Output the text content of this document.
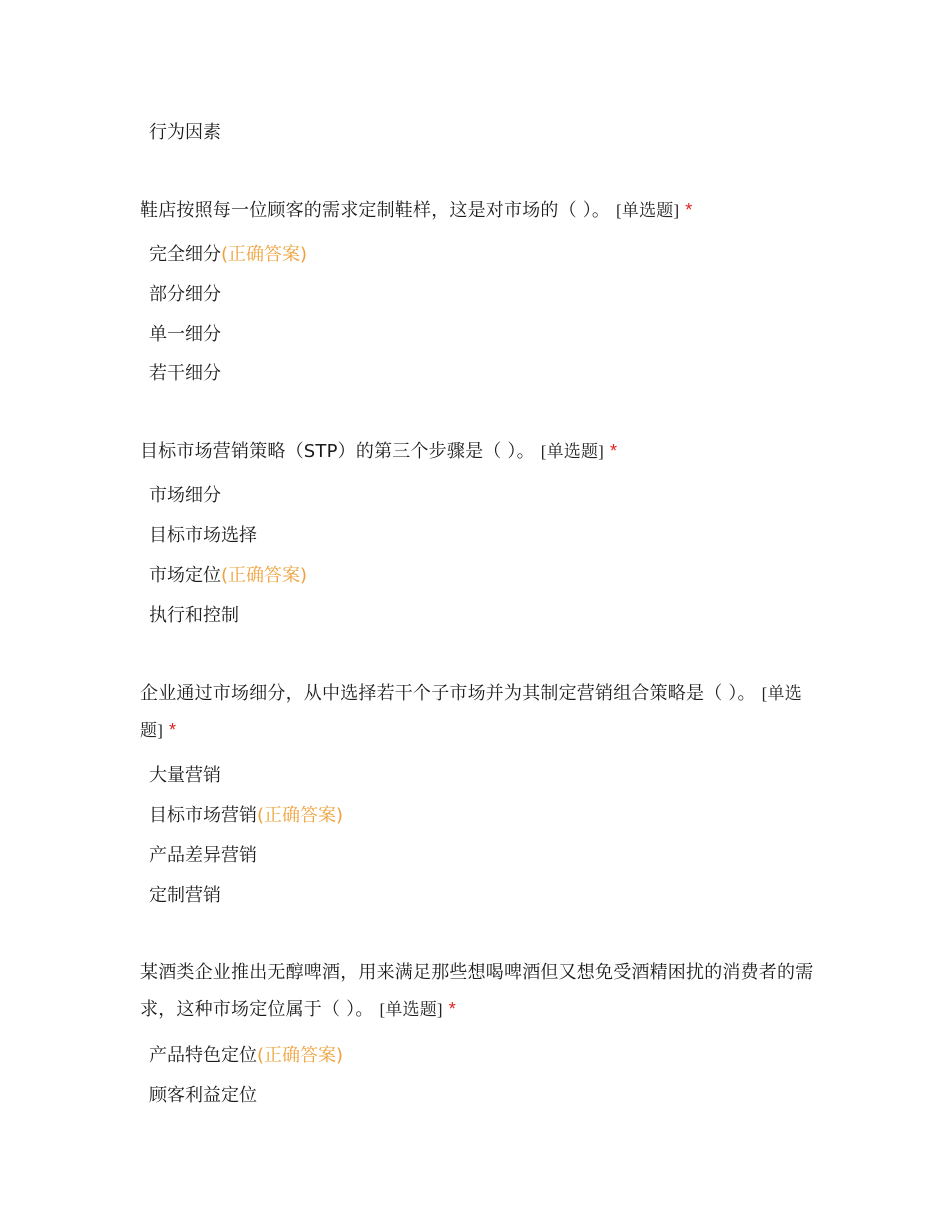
行为因素
鞋店按照每一位顾客的需求定制鞋样，这是对市场的（ ）。 [单选题] *
完全细分(正确答案)
部分细分
单一细分
若干细分
目标市场营销策略（STP）的第三个步骤是（ ）。 [单选题] *
市场细分
目标市场选择
市场定位(正确答案)
执行和控制
企业通过市场细分，从中选择若干个子市场并为其制定营销组合策略是（ ）。 [单选题] *
大量营销
目标市场营销(正确答案)
产品差异营销
定制营销
某酒类企业推出无醇啤酒，用来满足那些想喝啤酒但又想免受酒精困扰的消费者的需求，这种市场定位属于（ ）。 [单选题] *
产品特色定位(正确答案)
顾客利益定位
